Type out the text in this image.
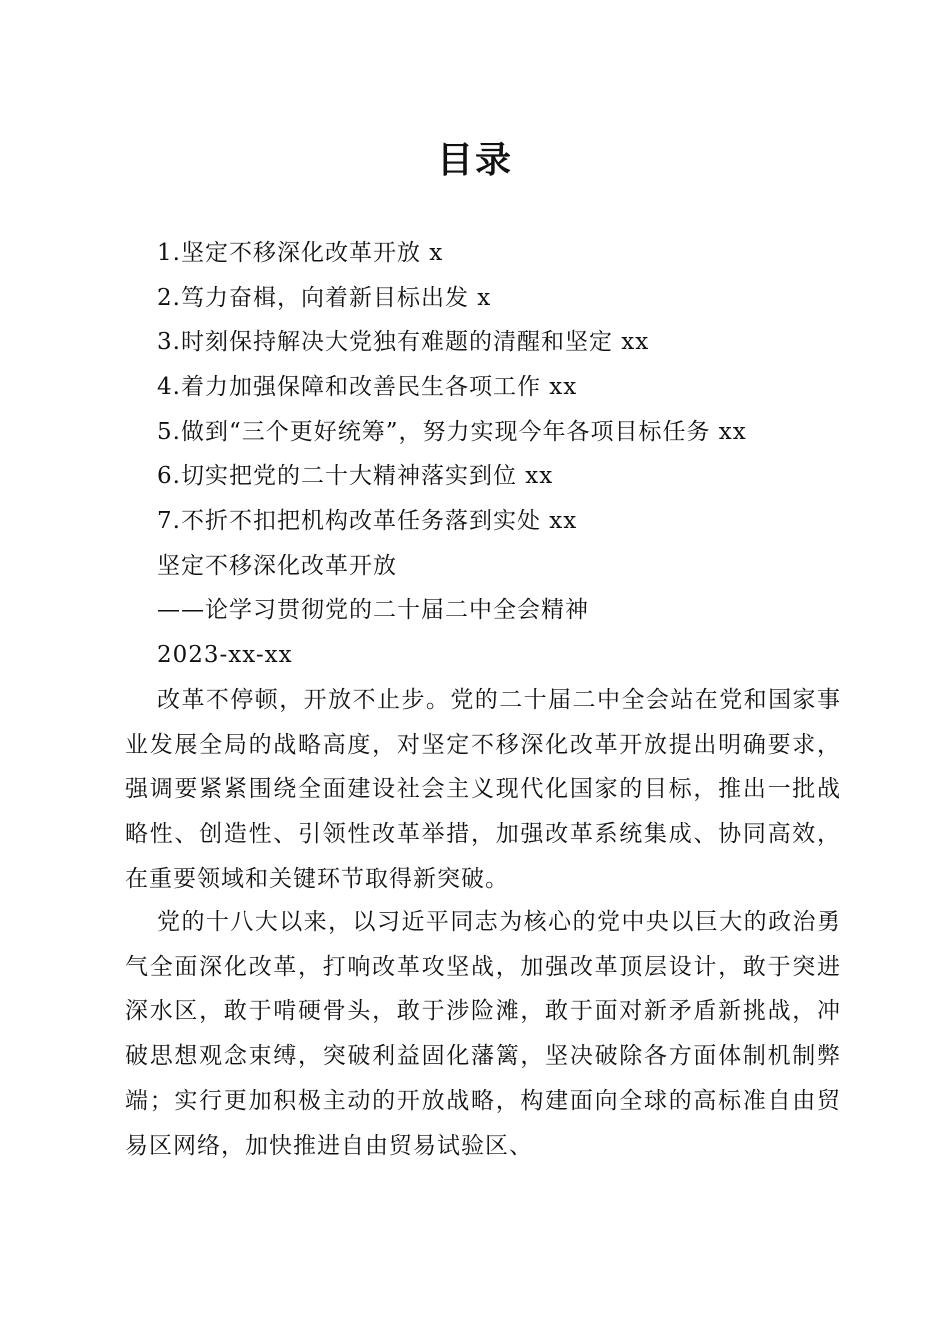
目录
1.坚定不移深化改革开放 x
2.笃力奋楫，向着新目标出发 x
3.时刻保持解决大党独有难题的清醒和坚定 xx
4.着力加强保障和改善民生各项工作 xx
5.做到“三个更好统筹”，努力实现今年各项目标任务 xx
6.切实把党的二十大精神落实到位 xx
7.不折不扣把机构改革任务落到实处 xx
坚定不移深化改革开放
——论学习贯彻党的二十届二中全会精神
2023-xx-xx

改革不停顿，开放不止步。党的二十届二中全会站在党和国家事业发展全局的战略高度，对坚定不移深化改革开放提出明确要求，强调要紧紧围绕全面建设社会主义现代化国家的目标，推出一批战略性、创造性、引领性改革举措，加强改革系统集成、协同高效，在重要领域和关键环节取得新突破。

党的十八大以来，以习近平同志为核心的党中央以巨大的政治勇气全面深化改革，打响改革攻坚战，加强改革顶层设计，敢于突进深水区，敢于啃硬骨头，敢于涉险滩，敢于面对新矛盾新挑战，冲破思想观念束缚，突破利益固化藩篱，坚决破除各方面体制机制弊端；实行更加积极主动的开放战略，构建面向全球的高标准自由贸易区网络，加快推进自由贸易试验区、
